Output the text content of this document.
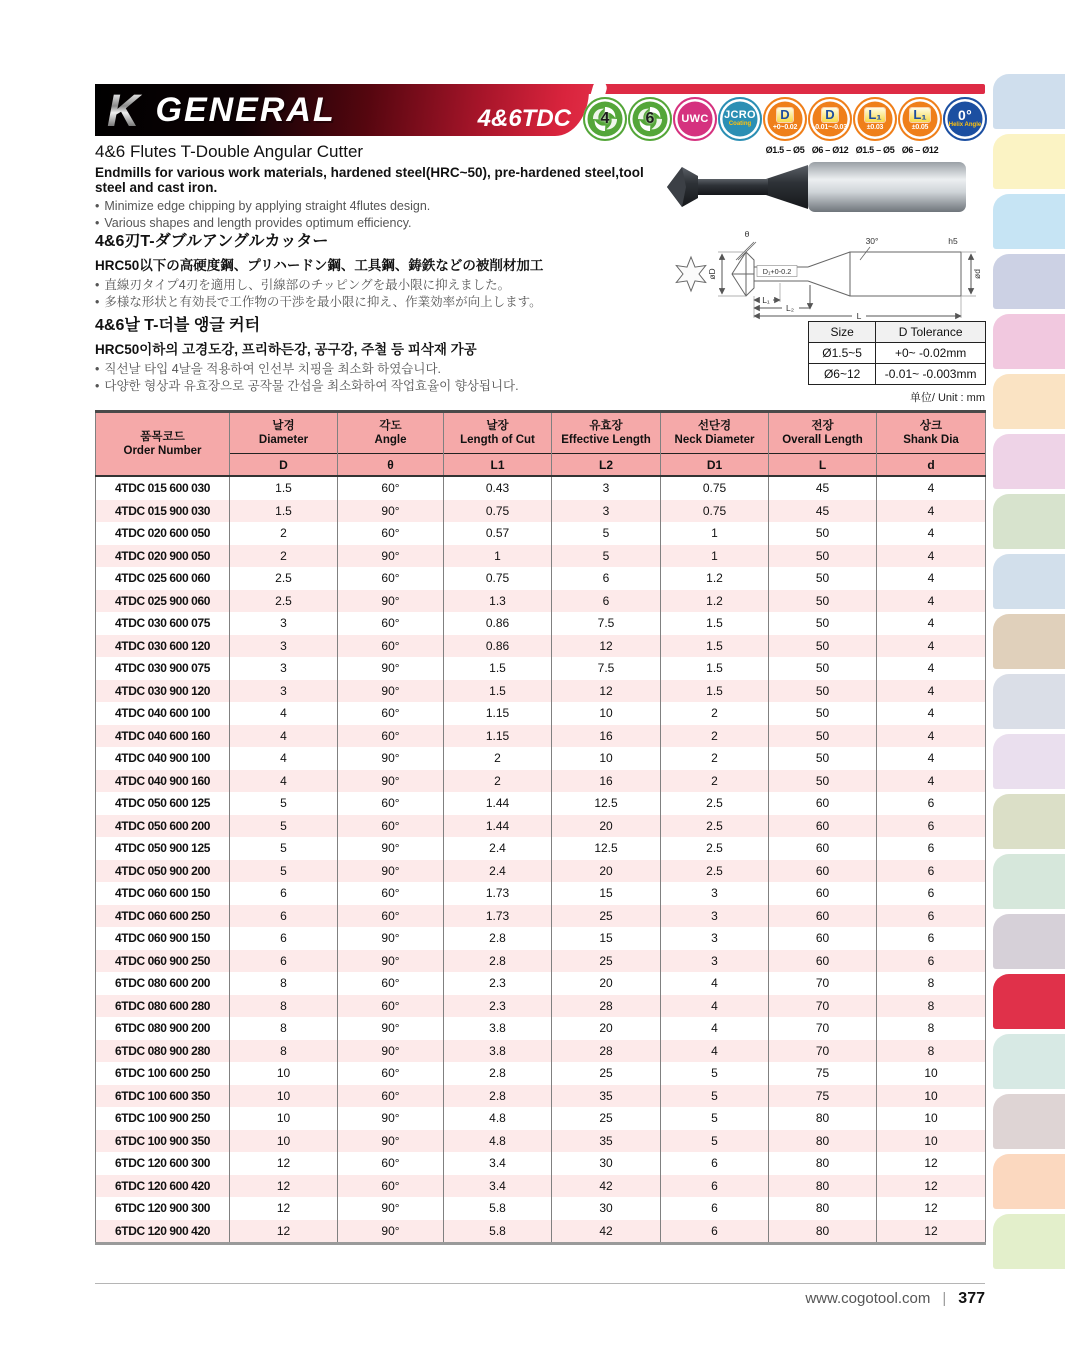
K GENERAL	4&6TDC 4 6 UWC JCRO
Coating
D
+0~0.02
Ø1.5 – Ø5
D
-0.01~-0.03
Ø6 – Ø12
L₁
±0.03
Ø1.5 – Ø5
L₁
±0.05
Ø6 – Ø12
0°
Helix Angle
4&6 Flutes T-Double Angular Cutter

Endmills for various work materials, hardened steel(HRC~50), pre-hardened steel,tool steel and cast iron.

• Minimize edge chipping by applying straight 4flutes design.
• Various shapes and length provides optimum efficiency.
4&6刃T-ダブルアングルカッター

HRC50以下の高硬度鋼、プリハードン鋼、工具鋼、鋳鉄などの被削材加工

• 直線刃タイプ4刃を適用し、引線部のチッピングを最小限に抑えました。
• 多様な形状と有効長で工作物の干渉を最小限に抑え、作業効率が向上します。
4&6날 T-더블 앵글 커터

HRC50이하의 고경도강, 프리하든강, 공구강, 주철 등 피삭재 가공

• 직선날 타입 4날을 적용하여 인선부 치핑을 최소화 하였습니다.
• 다양한 형상과 유효장으로 공작물 간섭을 최소화하여 작업효율이 향상됩니다.
θ
øD	D₁+0-0.2
30°	h5
ød
L₁
L₂
L
Size	D Tolerance
Ø1.5~5	+0~ -0.02mm
Ø6~12	-0.01~ -0.003mm
单位/ Unit : mm
품목코드
Order Number

날경
Diameter

각도
Angle

날장
Length of Cut

유효장
Effective Length

선단경
Neck Diameter

전장
Overall Length

상크
Shank Dia

	D	θ	L1	L2	D1	L	d
4TDC 015 600 030	1.5	60°	0.43	3	0.75	45	4
4TDC 015 900 030	1.5	90°	0.75	3	0.75	45	4
4TDC 020 600 050	2	60°	0.57	5	1	50	4
4TDC 020 900 050	2	90°	1	5	1	50	4
4TDC 025 600 060	2.5	60°	0.75	6	1.2	50	4
4TDC 025 900 060	2.5	90°	1.3	6	1.2	50	4
4TDC 030 600 075	3	60°	0.86	7.5	1.5	50	4
4TDC 030 600 120	3	60°	0.86	12	1.5	50	4
4TDC 030 900 075	3	90°	1.5	7.5	1.5	50	4
4TDC 030 900 120	3	90°	1.5	12	1.5	50	4
4TDC 040 600 100	4	60°	1.15	10	2	50	4
4TDC 040 600 160	4	60°	1.15	16	2	50	4
4TDC 040 900 100	4	90°	2	10	2	50	4
4TDC 040 900 160	4	90°	2	16	2	50	4
4TDC 050 600 125	5	60°	1.44	12.5	2.5	60	6
4TDC 050 600 200	5	60°	1.44	20	2.5	60	6
4TDC 050 900 125	5	90°	2.4	12.5	2.5	60	6
4TDC 050 900 200	5	90°	2.4	20	2.5	60	6
4TDC 060 600 150	6	60°	1.73	15	3	60	6
4TDC 060 600 250	6	60°	1.73	25	3	60	6
4TDC 060 900 150	6	90°	2.8	15	3	60	6
4TDC 060 900 250	6	90°	2.8	25	3	60	6
6TDC 080 600 200	8	60°	2.3	20	4	70	8
6TDC 080 600 280	8	60°	2.3	28	4	70	8
6TDC 080 900 200	8	90°	3.8	20	4	70	8
6TDC 080 900 280	8	90°	3.8	28	4	70	8
6TDC 100 600 250	10	60°	2.8	25	5	75	10
6TDC 100 600 350	10	60°	2.8	35	5	75	10
6TDC 100 900 250	10	90°	4.8	25	5	80	10
6TDC 100 900 350	10	90°	4.8	35	5	80	10
6TDC 120 600 300	12	60°	3.4	30	6	80	12
6TDC 120 600 420	12	60°	3.4	42	6	80	12
6TDC 120 900 300	12	90°	5.8	30	6	80	12
6TDC 120 900 420	12	90°	5.8	42	6	80	12
www.cogotool.com | 377
